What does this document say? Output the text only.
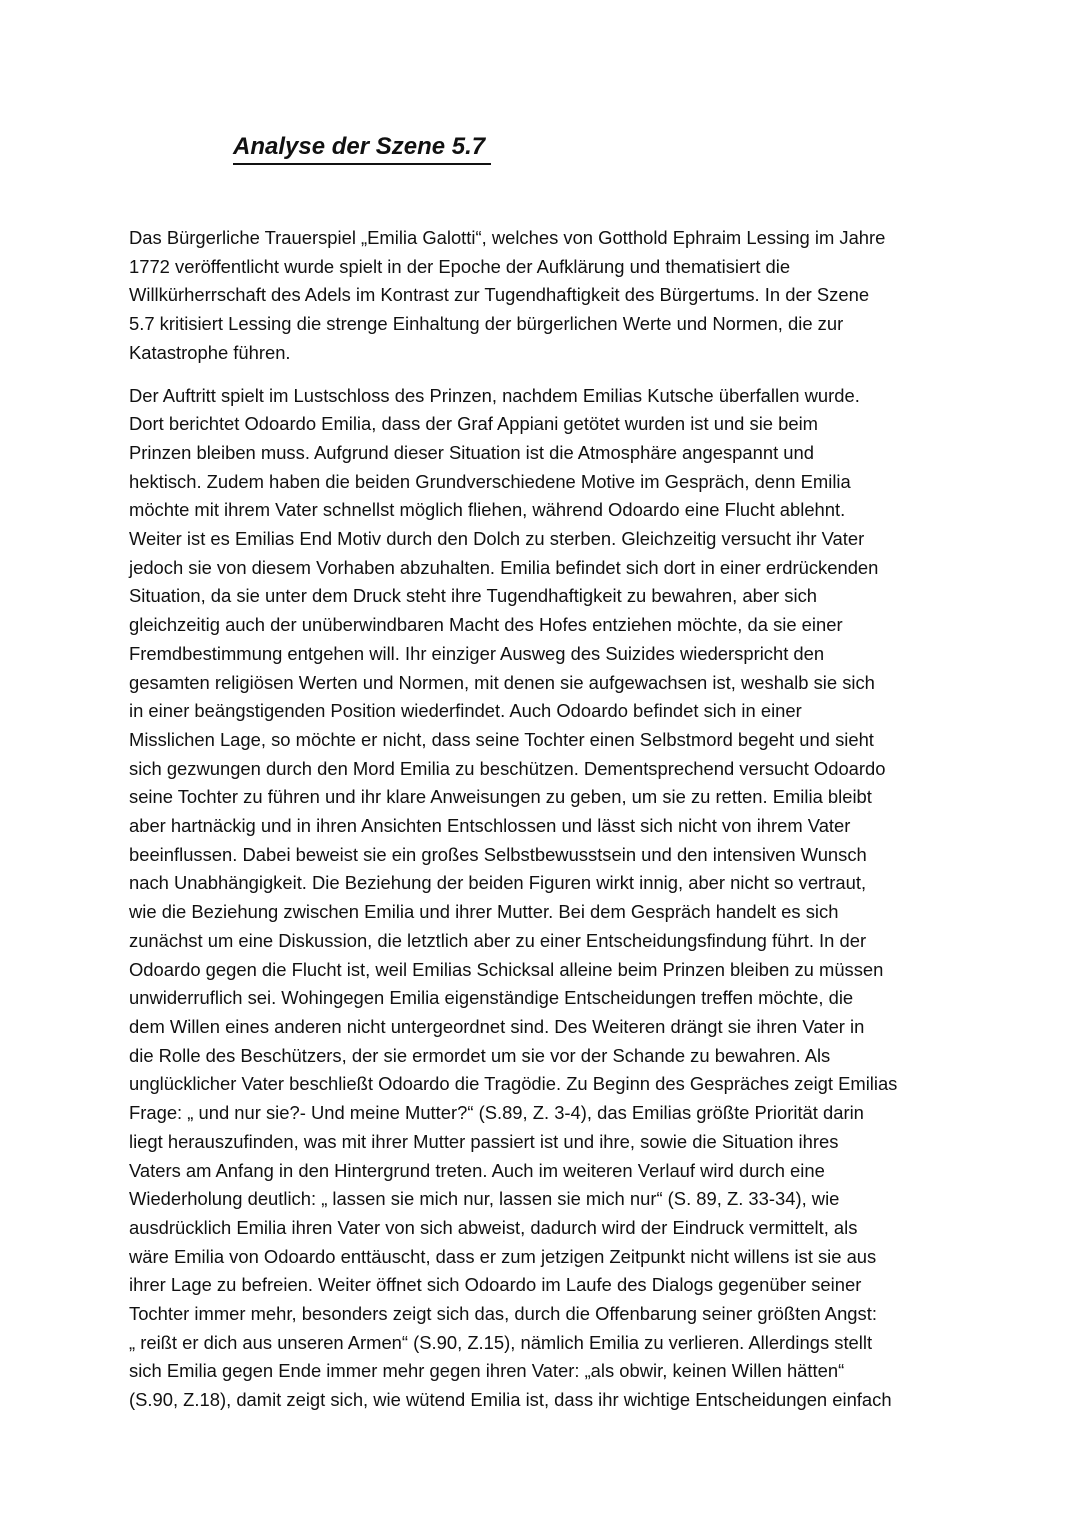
Analyse der Szene 5.7

Das Bürgerliche Trauerspiel „Emilia Galotti“, welches von Gotthold Ephraim Lessing im Jahre
1772 veröffentlicht wurde spielt in der Epoche der Aufklärung und thematisiert die
Willkürherrschaft des Adels im Kontrast zur Tugendhaftigkeit des Bürgertums. In der Szene
5.7 kritisiert Lessing die strenge Einhaltung der bürgerlichen Werte und Normen, die zur
Katastrophe führen.

Der Auftritt spielt im Lustschloss des Prinzen, nachdem Emilias Kutsche überfallen wurde.
Dort berichtet Odoardo Emilia, dass der Graf Appiani getötet wurden ist und sie beim
Prinzen bleiben muss. Aufgrund dieser Situation ist die Atmosphäre angespannt und
hektisch. Zudem haben die beiden Grundverschiedene Motive im Gespräch, denn Emilia
möchte mit ihrem Vater schnellst möglich fliehen, während Odoardo eine Flucht ablehnt.
Weiter ist es Emilias End Motiv durch den Dolch zu sterben. Gleichzeitig versucht ihr Vater
jedoch sie von diesem Vorhaben abzuhalten. Emilia befindet sich dort in einer erdrückenden
Situation, da sie unter dem Druck steht ihre Tugendhaftigkeit zu bewahren, aber sich
gleichzeitig auch der unüberwindbaren Macht des Hofes entziehen möchte, da sie einer
Fremdbestimmung entgehen will. Ihr einziger Ausweg des Suizides wiederspricht den
gesamten religiösen Werten und Normen, mit denen sie aufgewachsen ist, weshalb sie sich
in einer beängstigenden Position wiederfindet. Auch Odoardo befindet sich in einer
Misslichen Lage, so möchte er nicht, dass seine Tochter einen Selbstmord begeht und sieht
sich gezwungen durch den Mord Emilia zu beschützen. Dementsprechend versucht Odoardo
seine Tochter zu führen und ihr klare Anweisungen zu geben, um sie zu retten. Emilia bleibt
aber hartnäckig und in ihren Ansichten Entschlossen und lässt sich nicht von ihrem Vater
beeinflussen. Dabei beweist sie ein großes Selbstbewusstsein und den intensiven Wunsch
nach Unabhängigkeit. Die Beziehung der beiden Figuren wirkt innig, aber nicht so vertraut,
wie die Beziehung zwischen Emilia und ihrer Mutter. Bei dem Gespräch handelt es sich
zunächst um eine Diskussion, die letztlich aber zu einer Entscheidungsfindung führt. In der
Odoardo gegen die Flucht ist, weil Emilias Schicksal alleine beim Prinzen bleiben zu müssen
unwiderruflich sei. Wohingegen Emilia eigenständige Entscheidungen treffen möchte, die
dem Willen eines anderen nicht untergeordnet sind. Des Weiteren drängt sie ihren Vater in
die Rolle des Beschützers, der sie ermordet um sie vor der Schande zu bewahren. Als
unglücklicher Vater beschließt Odoardo die Tragödie. Zu Beginn des Gespräches zeigt Emilias
Frage: „ und nur sie?- Und meine Mutter?“ (S.89, Z. 3-4), das Emilias größte Priorität darin
liegt herauszufinden, was mit ihrer Mutter passiert ist und ihre, sowie die Situation ihres
Vaters am Anfang in den Hintergrund treten. Auch im weiteren Verlauf wird durch eine
Wiederholung deutlich: „ lassen sie mich nur, lassen sie mich nur“ (S. 89, Z. 33-34), wie
ausdrücklich Emilia ihren Vater von sich abweist, dadurch wird der Eindruck vermittelt, als
wäre Emilia von Odoardo enttäuscht, dass er zum jetzigen Zeitpunkt nicht willens ist sie aus
ihrer Lage zu befreien. Weiter öffnet sich Odoardo im Laufe des Dialogs gegenüber seiner
Tochter immer mehr, besonders zeigt sich das, durch die Offenbarung seiner größten Angst:
„ reißt er dich aus unseren Armen“ (S.90, Z.15), nämlich Emilia zu verlieren. Allerdings stellt
sich Emilia gegen Ende immer mehr gegen ihren Vater: „als obwir, keinen Willen hätten“
(S.90, Z.18), damit zeigt sich, wie wütend Emilia ist, dass ihr wichtige Entscheidungen einfach
